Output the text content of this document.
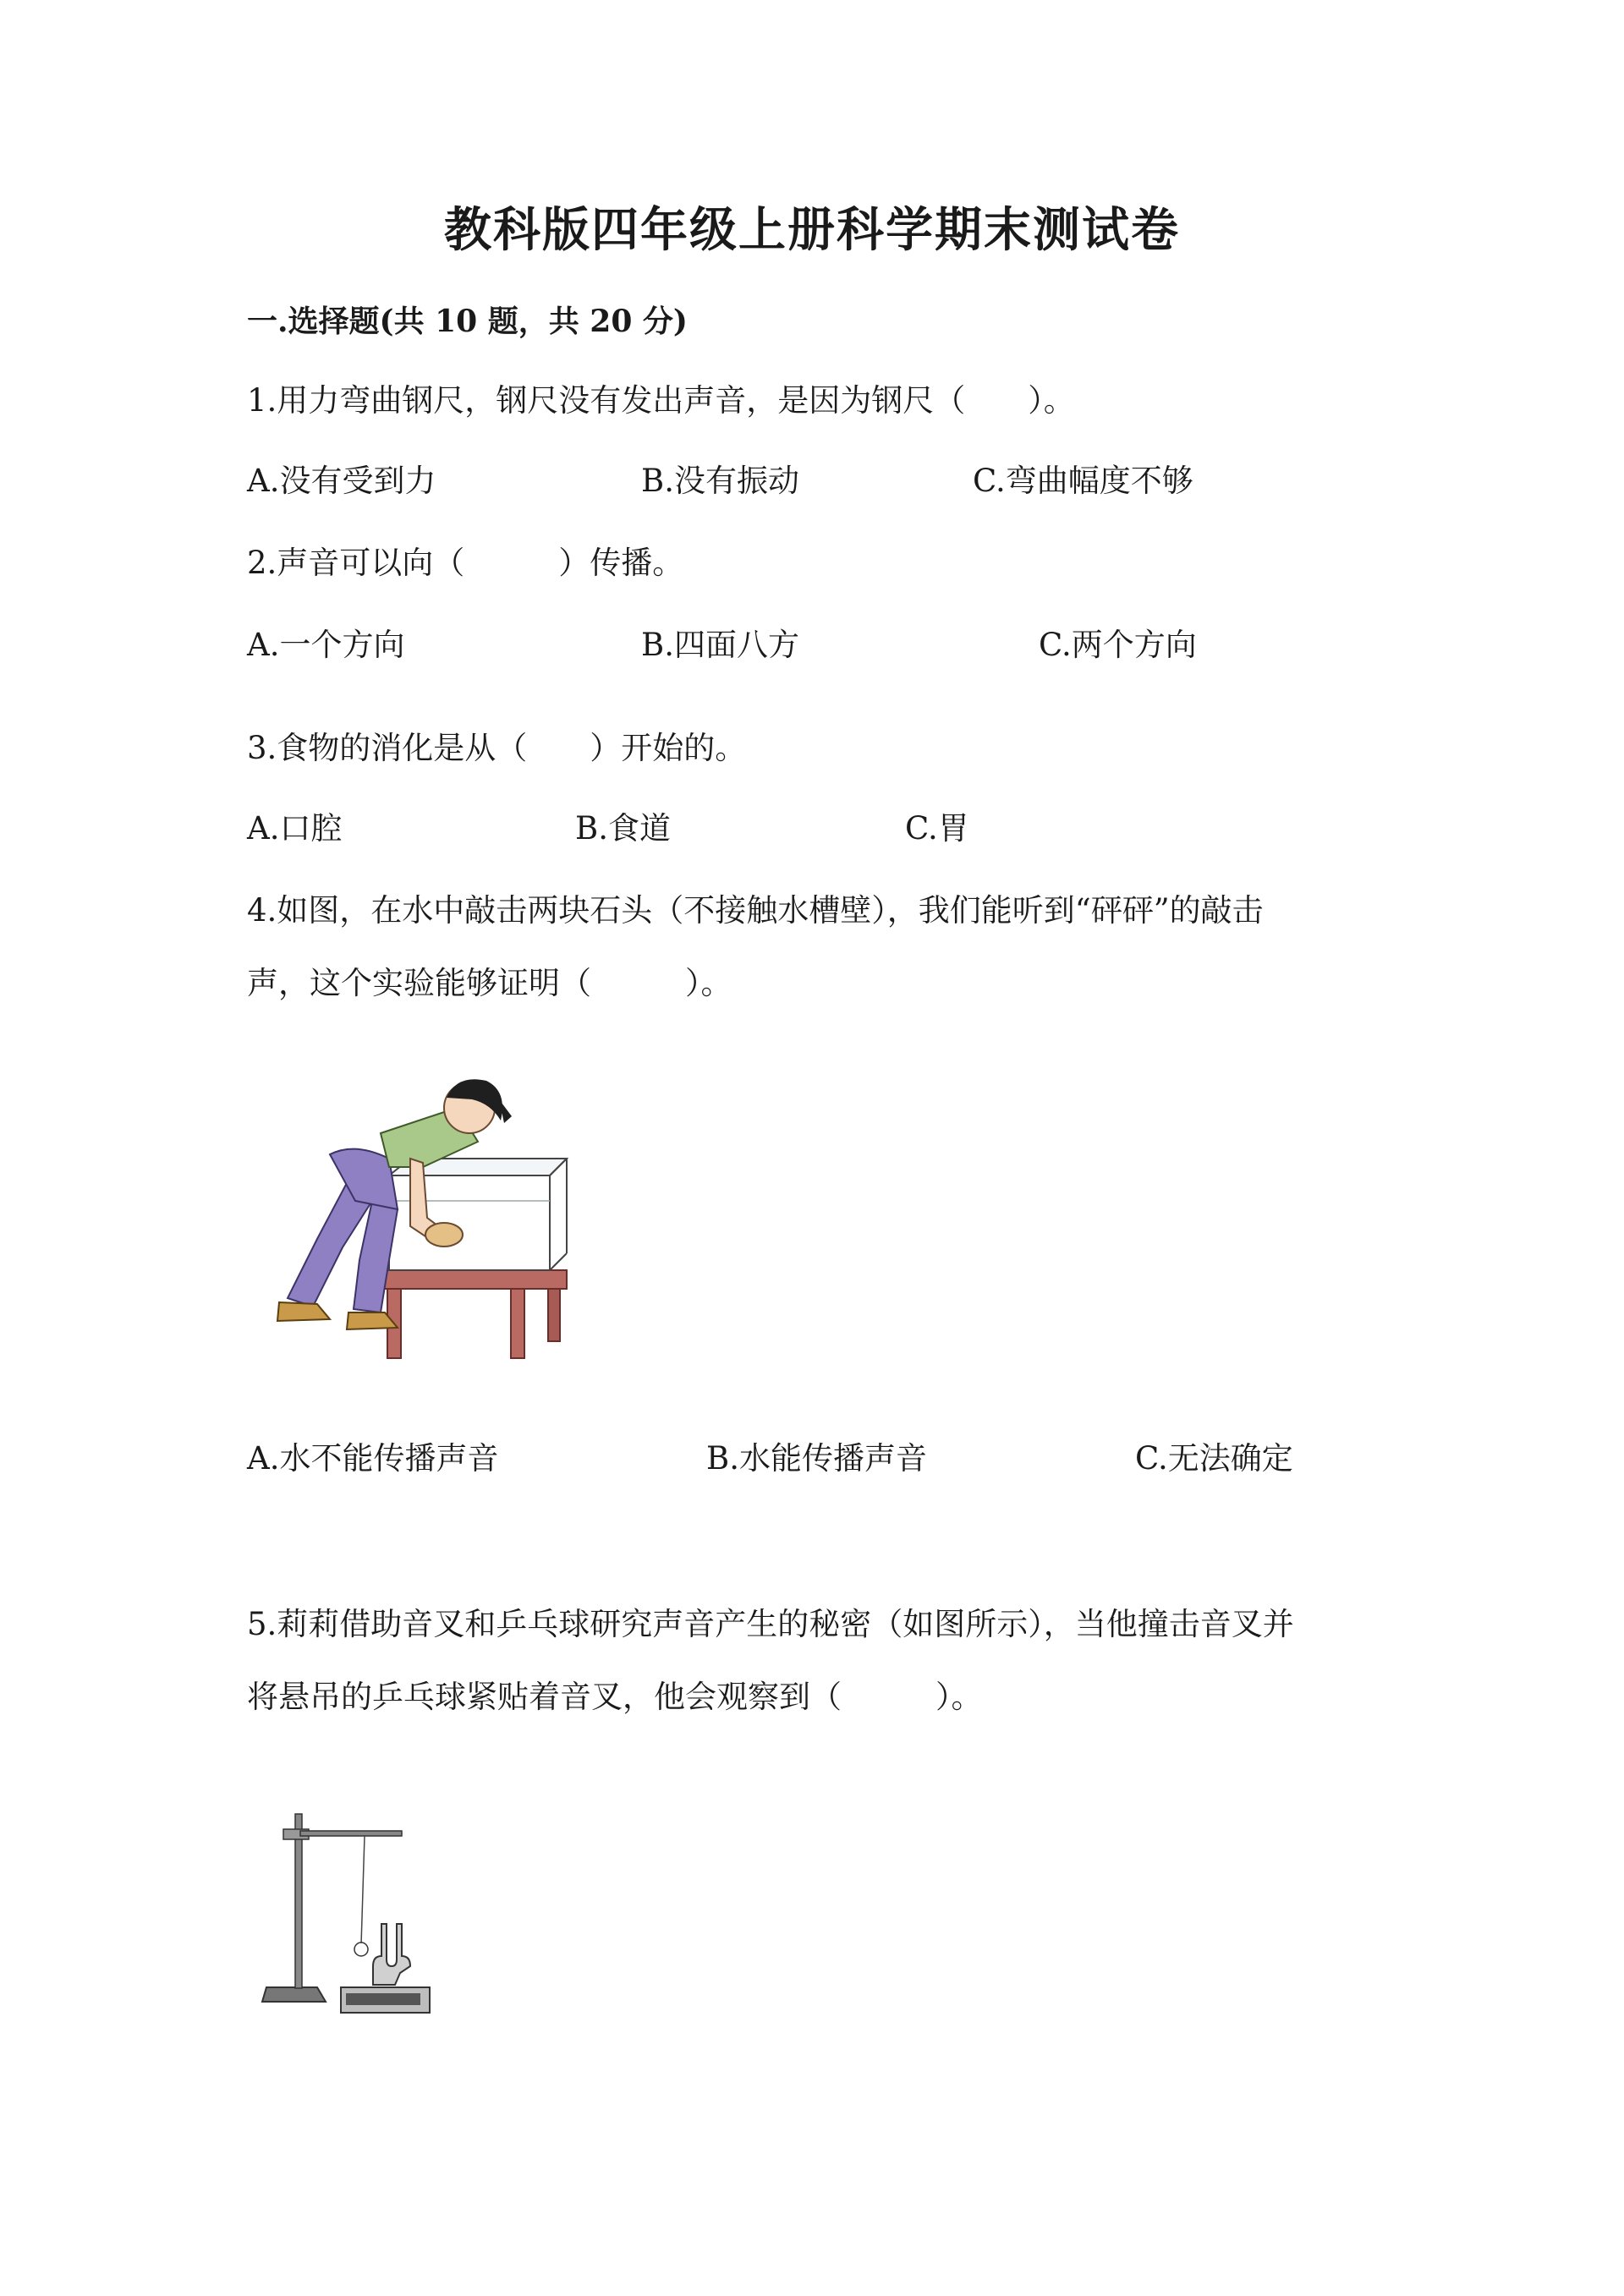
教科版四年级上册科学期末测试卷
一.选择题(共 10 题，共 20 分)
1.用力弯曲钢尺，钢尺没有发出声音，是因为钢尺（　　）。
A.没有受到力	B.没有振动	C.弯曲幅度不够
2.声音可以向（　　　）传播。
A.一个方向	B.四面八方	C.两个方向
3.食物的消化是从（　　）开始的。
A.口腔	B.食道	C.胃
4.如图，在水中敲击两块石头（不接触水槽壁），我们能听到“砰砰”的敲击
声，这个实验能够证明（　　　）。
A.水不能传播声音	B.水能传播声音	C.无法确定
5.莉莉借助音叉和乒乓球研究声音产生的秘密（如图所示），当他撞击音叉并
将悬吊的乒乓球紧贴着音叉，他会观察到（　　　）。
